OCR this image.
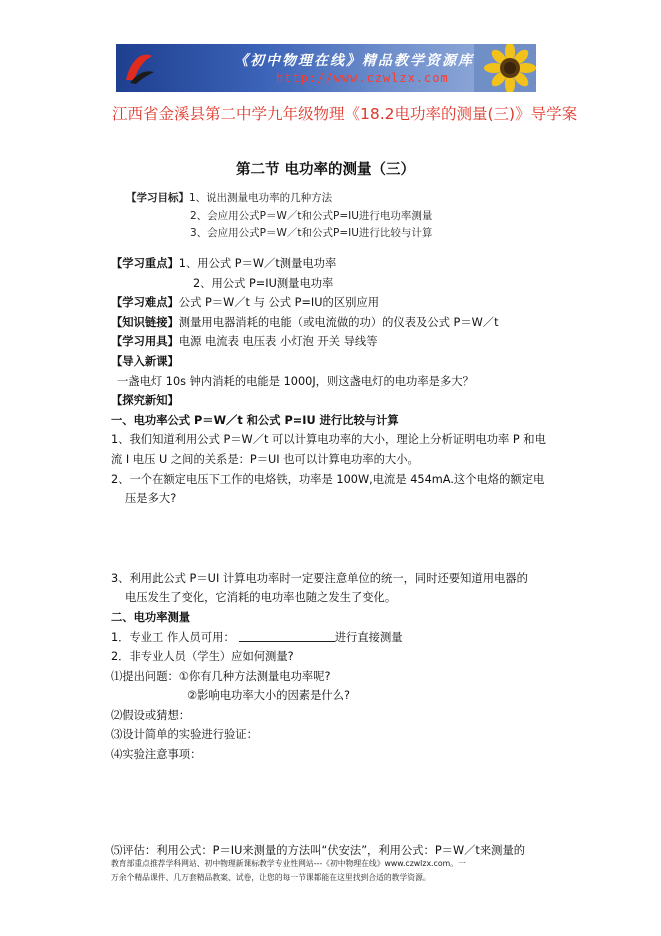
《初中物理在线》精品教学资源库
http://www.czwlzx.com
江西省金溪县第二中学九年级物理《18.2电功率的测量(三)》导学案
第二节 电功率的测量（三）
【学习目标】1、说出测量电功率的几种方法
2、会应用公式P＝W／t和公式P=IU进行电功率测量
3、会应用公式P＝W／t和公式P=IU进行比较与计算
【学习重点】1、用公式 P＝W／t测量电功率
2、用公式 P=IU测量电功率
【学习难点】公式 P＝W／t 与 公式 P=IU的区别应用
【知识链接】测量用电器消耗的电能（或电流做的功）的仪表及公式 P＝W／t
【学习用具】电源 电流表 电压表 小灯泡 开关 导线等
【导入新课】
一盏电灯 10s 钟内消耗的电能是 1000J，则这盏电灯的电功率是多大？
【探究新知】
一、电功率公式 P＝W／t 和公式 P=IU 进行比较与计算
1、我们知道利用公式 P＝W／t 可以计算电功率的大小，理论上分析证明电功率 P 和电
流 I 电压 U 之间的关系是：P＝UI 也可以计算电功率的大小。
2、一个在额定电压下工作的电烙铁，功率是 100W,电流是 454mA.这个电烙的额定电
压是多大?
3、利用此公式 P＝UI 计算电功率时一定要注意单位的统一，同时还要知道用电器的
电压发生了变化，它消耗的电功率也随之发生了变化。
二、电功率测量
1．专业工 作人员可用：	进行直接测量
2．非专业人员（学生）应如何测量?
⑴提出问题：①你有几种方法测量电功率呢?
②影响电功率大小的因素是什么?
⑵假设或猜想：
⑶设计简单的实验进行验证：
⑷实验注意事项：
⑸评估：利用公式：P＝IU来测量的方法叫“伏安法”，利用公式：P＝W／t来测量的
教育部重点推荐学科网站、初中物理新课标教学专业性网站---《初中物理在线》www.czwlzx.com。一
万余个精品课件、几万套精品教案、试卷，让您的每一节课都能在这里找到合适的教学资源。
